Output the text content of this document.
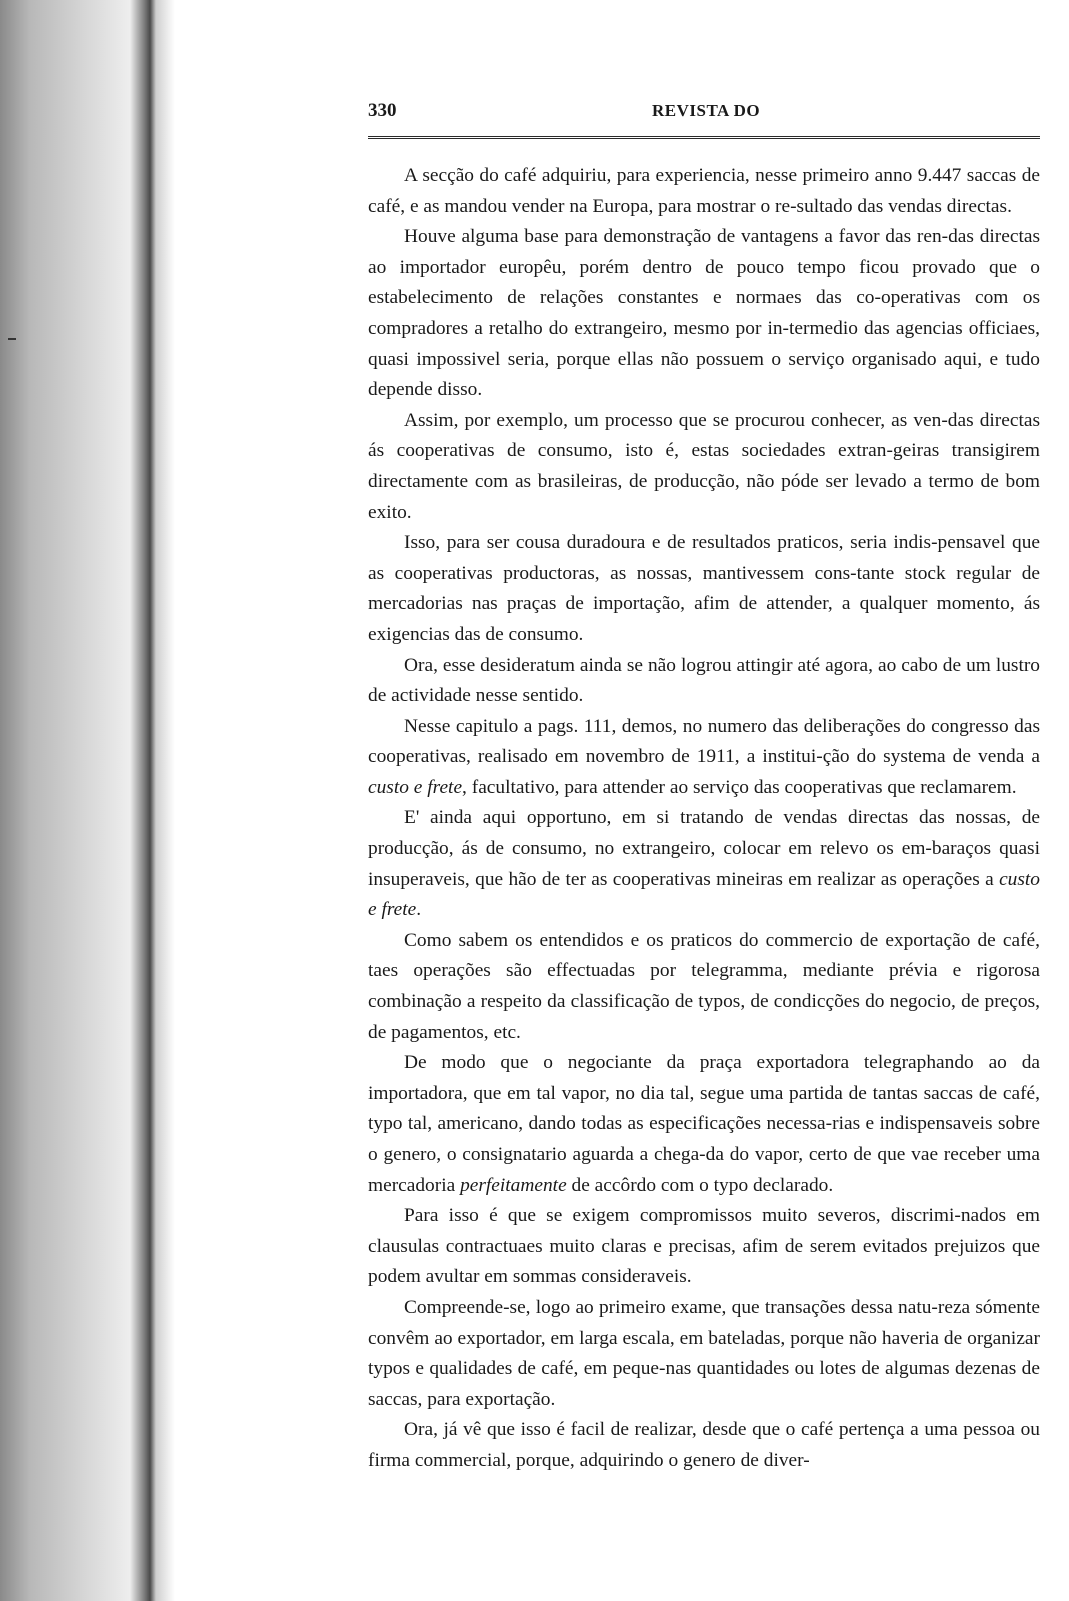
330	REVISTA DO

A secção do café adquiriu, para experiencia, nesse primeiro anno 9.447 saccas de café, e as mandou vender na Europa, para mostrar o re-sultado das vendas directas.

Houve alguma base para demonstração de vantagens a favor das ren-das directas ao importador europêu, porém dentro de pouco tempo ficou provado que o estabelecimento de relações constantes e normaes das co-operativas com os compradores a retalho do extrangeiro, mesmo por in-termedio das agencias officiaes, quasi impossivel seria, porque ellas não possuem o serviço organisado aqui, e tudo depende disso.

Assim, por exemplo, um processo que se procurou conhecer, as ven-das directas ás cooperativas de consumo, isto é, estas sociedades extran-geiras transigirem directamente com as brasileiras, de producção, não póde ser levado a termo de bom exito.

Isso, para ser cousa duradoura e de resultados praticos, seria indis-pensavel que as cooperativas productoras, as nossas, mantivessem cons-tante stock regular de mercadorias nas praças de importação, afim de attender, a qualquer momento, ás exigencias das de consumo.

Ora, esse desideratum ainda se não logrou attingir até agora, ao cabo de um lustro de actividade nesse sentido.

Nesse capitulo a pags. 111, demos, no numero das deliberações do congresso das cooperativas, realisado em novembro de 1911, a institui-ção do systema de venda a custo e frete, facultativo, para attender ao serviço das cooperativas que reclamarem.

E' ainda aqui opportuno, em si tratando de vendas directas das nossas, de producção, ás de consumo, no extrangeiro, colocar em relevo os em-baraços quasi insuperaveis, que hão de ter as cooperativas mineiras em realizar as operações a custo e frete.

Como sabem os entendidos e os praticos do commercio de exportação de café, taes operações são effectuadas por telegramma, mediante prévia e rigorosa combinação a respeito da classificação de typos, de condicções do negocio, de preços, de pagamentos, etc.

De modo que o negociante da praça exportadora telegraphando ao da importadora, que em tal vapor, no dia tal, segue uma partida de tantas saccas de café, typo tal, americano, dando todas as especificações necessa-rias e indispensaveis sobre o genero, o consignatario aguarda a chega-da do vapor, certo de que vae receber uma mercadoria perfeitamente de accôrdo com o typo declarado.

Para isso é que se exigem compromissos muito severos, discrimi-nados em clausulas contractuaes muito claras e precisas, afim de serem evitados prejuizos que podem avultar em sommas consideraveis.

Compreende-se, logo ao primeiro exame, que transações dessa natu-reza sómente convêm ao exportador, em larga escala, em bateladas, porque não haveria de organizar typos e qualidades de café, em peque-nas quantidades ou lotes de algumas dezenas de saccas, para exportação.

Ora, já vê que isso é facil de realizar, desde que o café pertença a uma pessoa ou firma commercial, porque, adquirindo o genero de diver-
